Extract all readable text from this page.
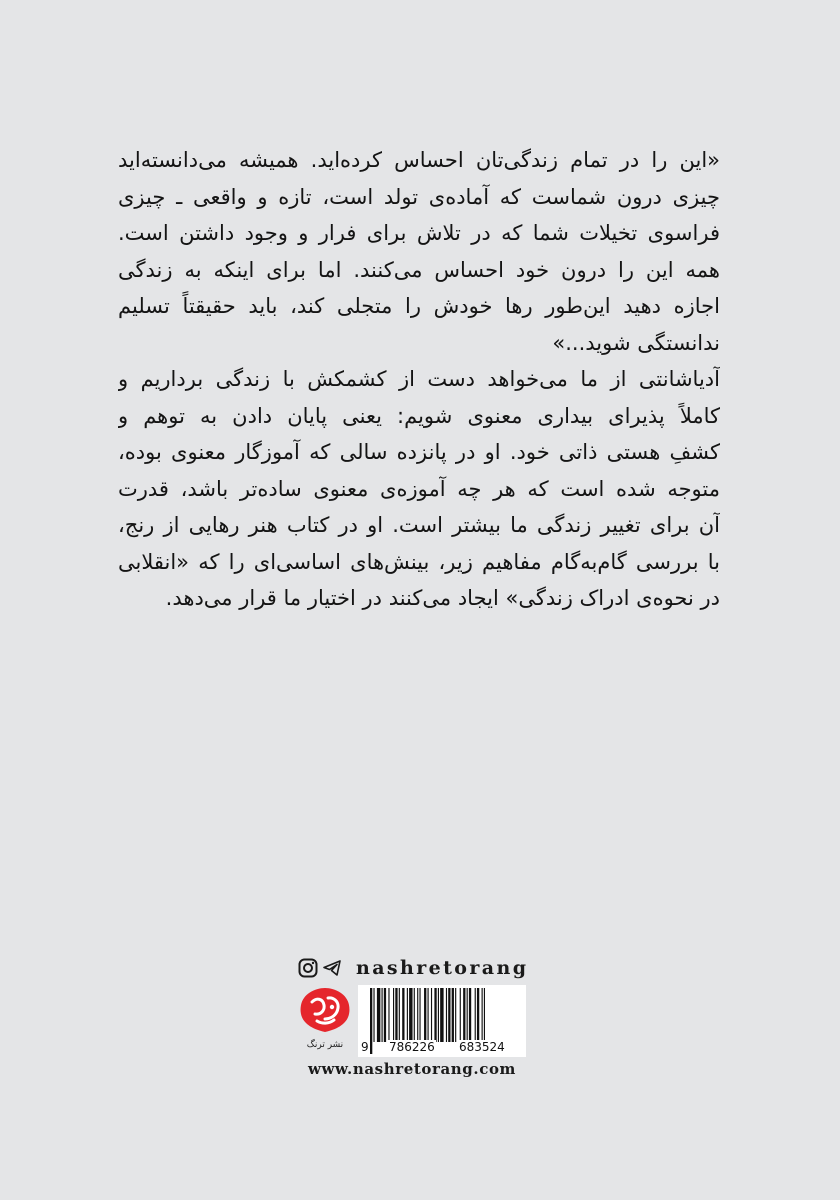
«این را در تمام زندگی‌تان احساس کرده‌اید. همیشه می‌دانسته‌اید
چیزی درون شماست که آماده‌ی تولد است، تازه و واقعی ـ چیزی
فراسوی تخیلات شما که در تلاش برای فرار و وجود داشتن است.
همه این را درون خود احساس می‌کنند. اما برای اینکه به زندگی
اجازه دهید این‌طور رها خودش را متجلی کند، باید حقیقتاً تسلیم
ندانستگی شوید...»
آدیاشانتی از ما می‌خواهد دست از کشمکش با زندگی برداریم و
کاملاً پذیرای بیداری معنوی شویم: یعنی پایان دادن به توهم و
کشفِ هستی ذاتی خود. او در پانزده سالی که آموزگار معنوی بوده،
متوجه شده است که هر چه آموزه‌ی معنوی ساده‌تر باشد، قدرت
آن برای تغییر زندگی ما بیشتر است. او در کتاب هنر رهایی از رنج،
با بررسی گام‌به‌گام مفاهیم زیر، بینش‌های اساسی‌ای را که «انقلابی
در نحوه‌ی ادراک زندگی» ایجاد می‌کنند در اختیار ما قرار می‌دهد.
nashretorang
نشر ترنگ	9 786226 683524
www.nashretorang.com
